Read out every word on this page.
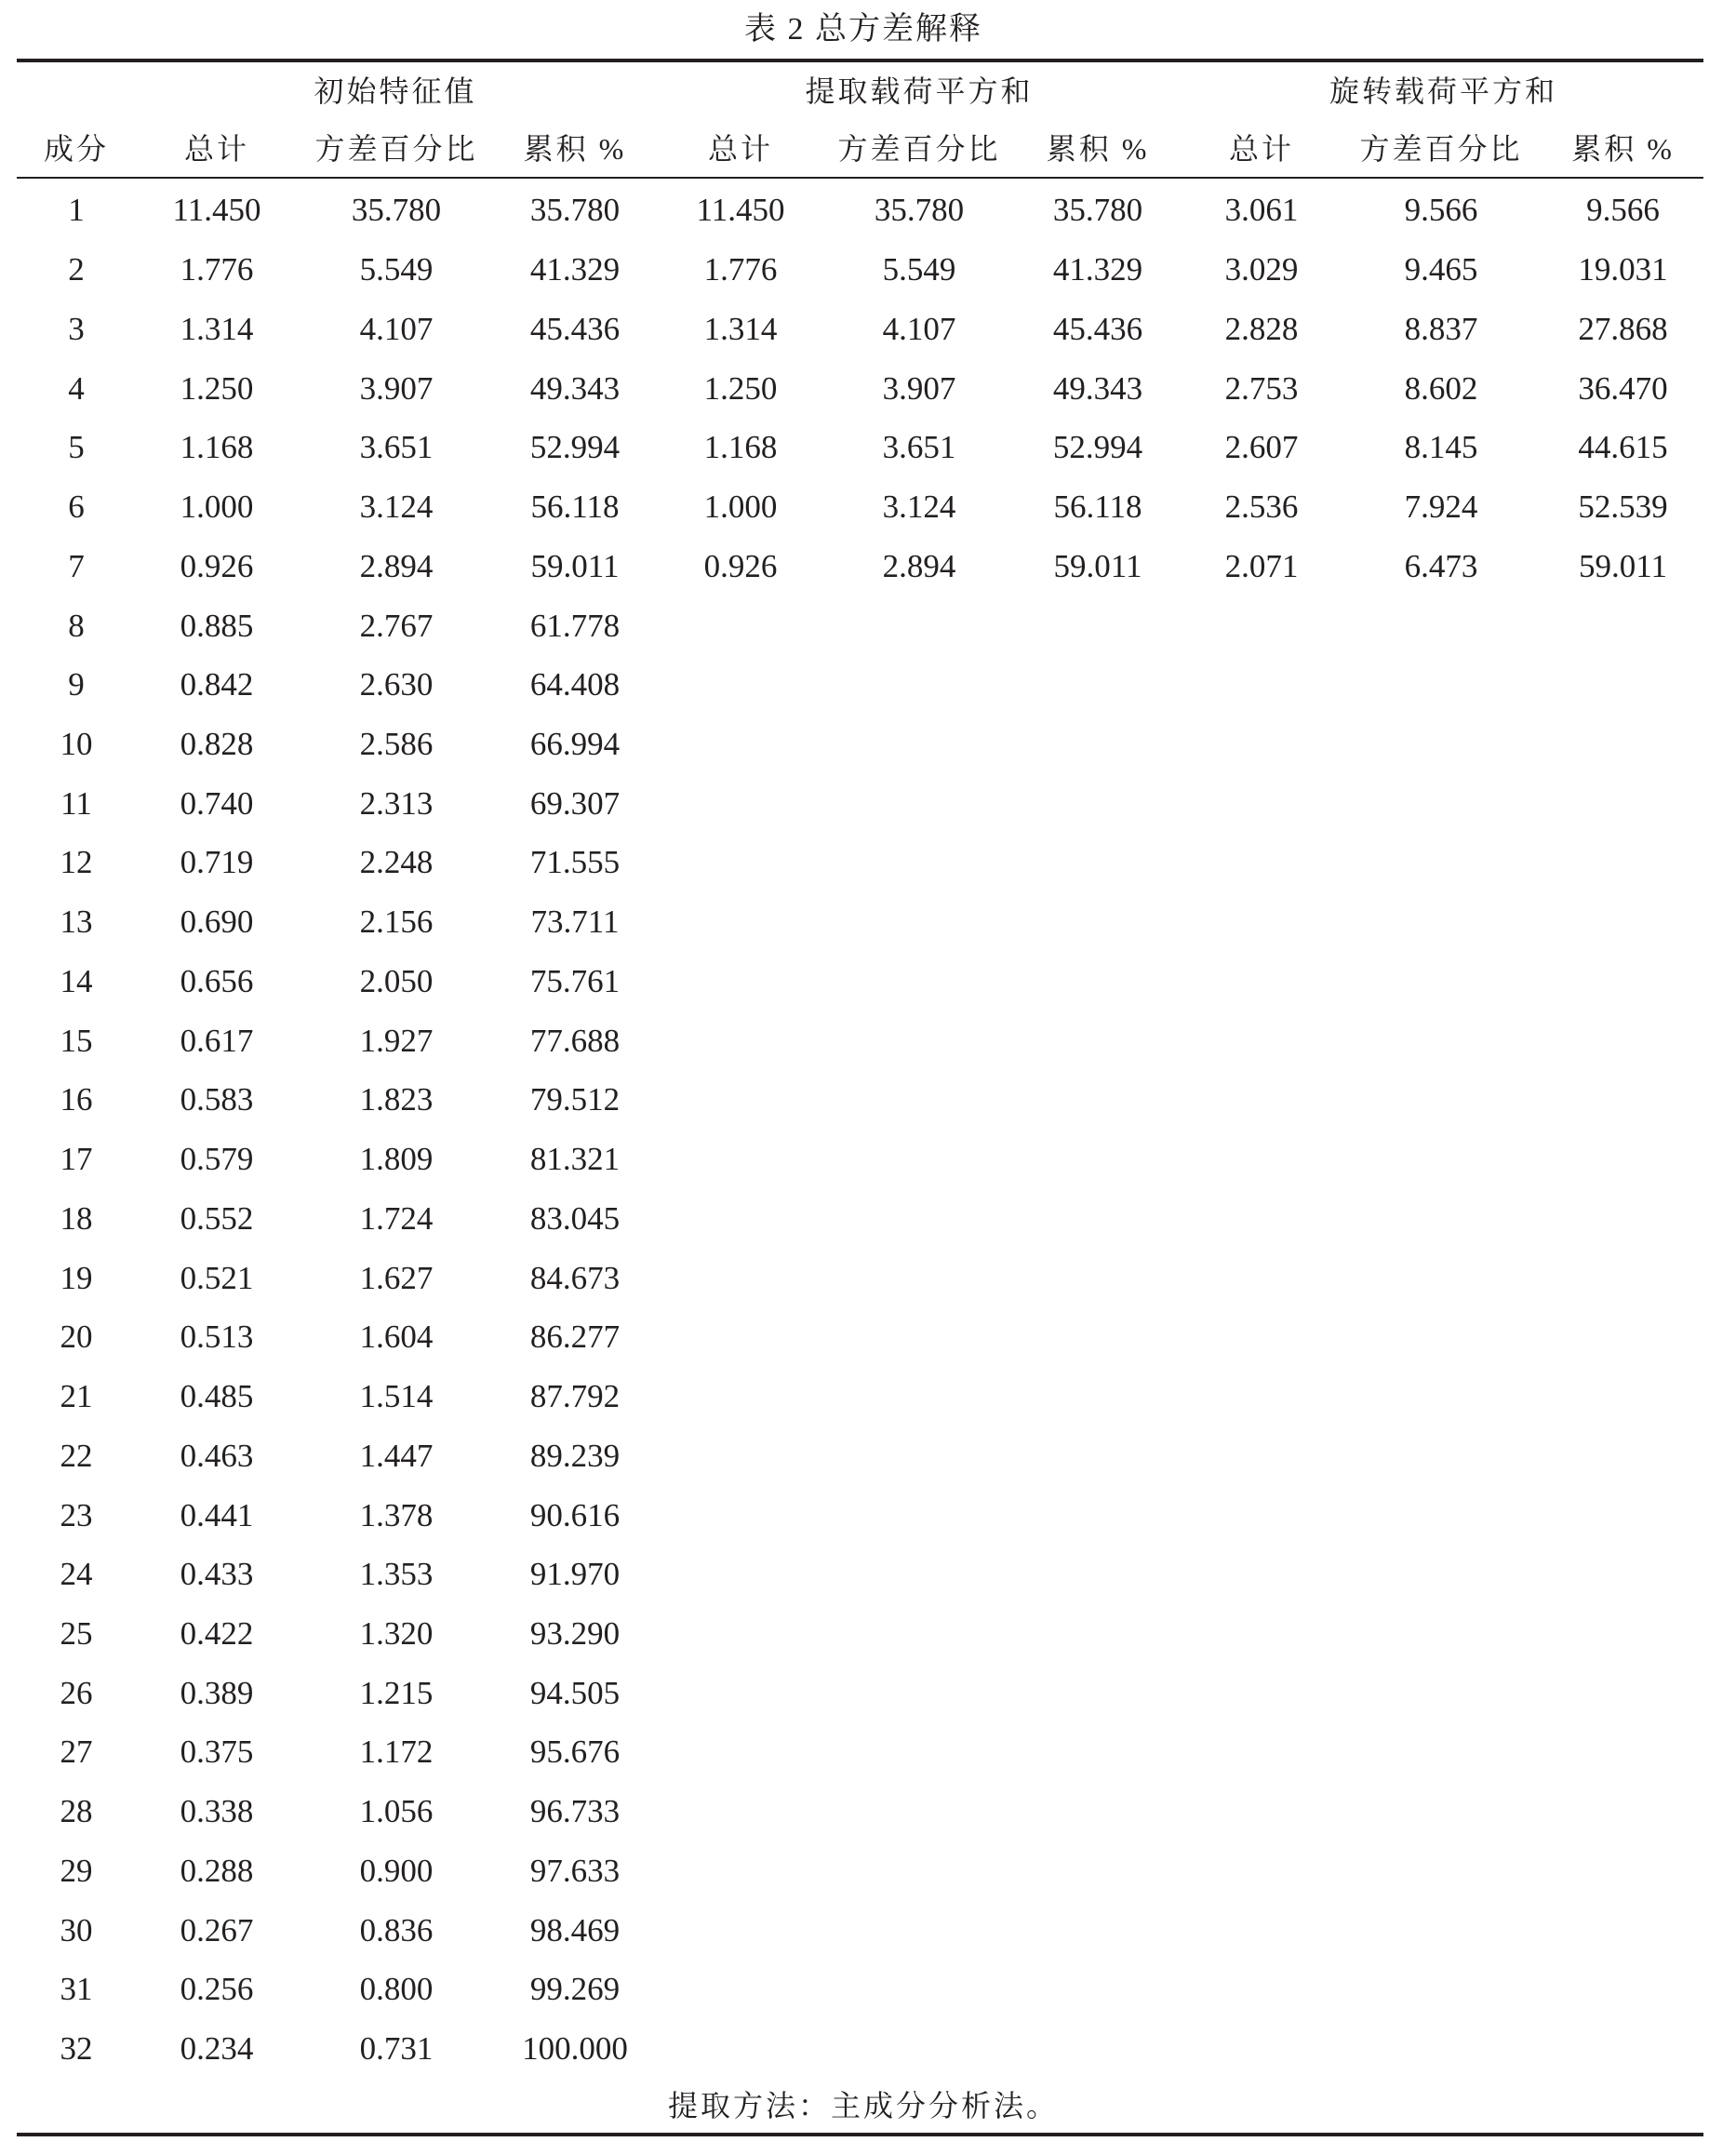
表 2 总方差解释
	初始特征值			提取载荷平方和			旋转载荷平方和		
成分	总计	方差百分比	累积 %	总计	方差百分比	累积 %	总计	方差百分比	累积 %
1	11.450	35.780	35.780	11.450	35.780	35.780	3.061	9.566	9.566
2	1.776	5.549	41.329	1.776	5.549	41.329	3.029	9.465	19.031
3	1.314	4.107	45.436	1.314	4.107	45.436	2.828	8.837	27.868
4	1.250	3.907	49.343	1.250	3.907	49.343	2.753	8.602	36.470
5	1.168	3.651	52.994	1.168	3.651	52.994	2.607	8.145	44.615
6	1.000	3.124	56.118	1.000	3.124	56.118	2.536	7.924	52.539
7	0.926	2.894	59.011	0.926	2.894	59.011	2.071	6.473	59.011
8	0.885	2.767	61.778						
9	0.842	2.630	64.408						
10	0.828	2.586	66.994						
11	0.740	2.313	69.307						
12	0.719	2.248	71.555						
13	0.690	2.156	73.711						
14	0.656	2.050	75.761						
15	0.617	1.927	77.688						
16	0.583	1.823	79.512						
17	0.579	1.809	81.321						
18	0.552	1.724	83.045						
19	0.521	1.627	84.673						
20	0.513	1.604	86.277						
21	0.485	1.514	87.792						
22	0.463	1.447	89.239						
23	0.441	1.378	90.616						
24	0.433	1.353	91.970						
25	0.422	1.320	93.290						
26	0.389	1.215	94.505						
27	0.375	1.172	95.676						
28	0.338	1.056	96.733						
29	0.288	0.900	97.633						
30	0.267	0.836	98.469						
31	0.256	0.800	99.269						
32	0.234	0.731	100.000						
提取方法：主成分分析法。
